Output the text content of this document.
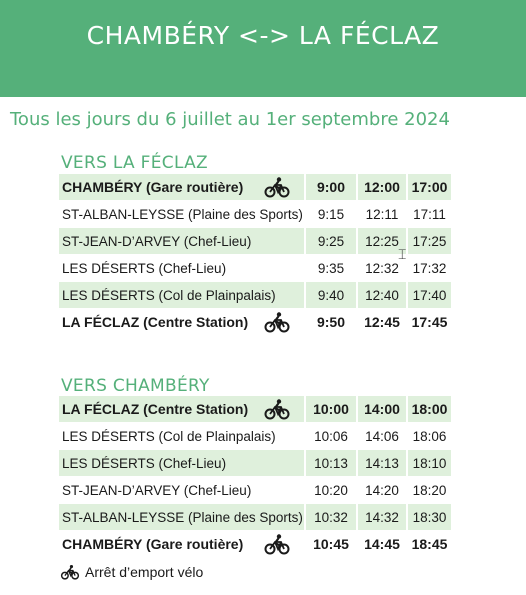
CHAMBÉRY <-> LA FÉCLAZ
Tous les jours du 6 juillet au 1er septembre 2024
VERS LA FÉCLAZ
CHAMBÉRY (Gare routière)	9:00	12:00 17:00
ST-ALBAN-LEYSSE (Plaine des Sports)	9:15	12:11	17:11
ST-JEAN-D’ARVEY (Chef-Lieu)	9:25	12:25	17:25
LES DÉSERTS (Chef-Lieu)	9:35	12:32	17:32
LES DÉSERTS (Col de Plainpalais)	9:40	12:40	17:40
LA FÉCLAZ (Centre Station)	9:50	12:45 17:45
VERS CHAMBÉRY
LA FÉCLAZ (Centre Station)	10:00	14:00 18:00
LES DÉSERTS (Col de Plainpalais)	10:06	14:06	18:06
LES DÉSERTS (Chef-Lieu)	10:13	14:13	18:10
ST-JEAN-D’ARVEY (Chef-Lieu)	10:20	14:20	18:20
ST-ALBAN-LEYSSE (Plaine des Sports) 10:32	14:32	18:30
CHAMBÉRY (Gare routière)	10:45	14:45 18:45
Arrêt d’emport vélo
⌶
